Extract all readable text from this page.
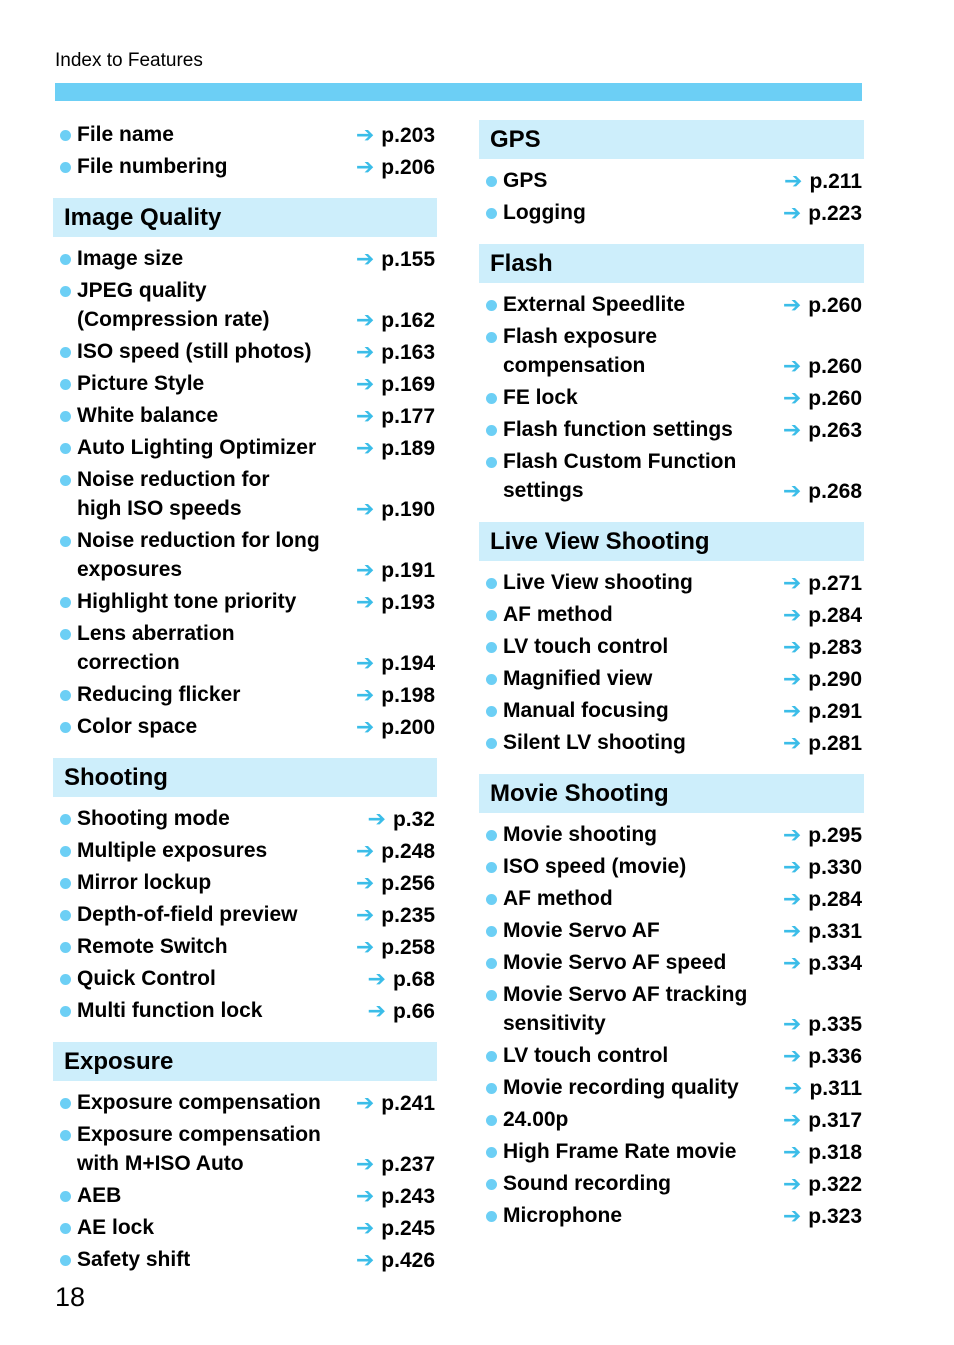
Index to Features
File name	➔ p.203
File numbering	➔ p.206
Image Quality
Image size	➔ p.155
JPEG quality
(Compression rate)	➔ p.162
ISO speed (still photos)	➔ p.163
Picture Style	➔ p.169
White balance	➔ p.177
Auto Lighting Optimizer	➔ p.189
Noise reduction for
high ISO speeds	➔ p.190
Noise reduction for long
exposures	➔ p.191
Highlight tone priority	➔ p.193
Lens aberration
correction	➔ p.194
Reducing flicker	➔ p.198
Color space	➔ p.200
Shooting
Shooting mode	➔ p.32
Multiple exposures	➔ p.248
Mirror lockup	➔ p.256
Depth-of-field preview	➔ p.235
Remote Switch	➔ p.258
Quick Control	➔ p.68
Multi function lock	➔ p.66
Exposure
Exposure compensation	➔ p.241
Exposure compensation
with M+ISO Auto	➔ p.237
AEB	➔ p.243
AE lock	➔ p.245
Safety shift	➔ p.426
GPS
GPS	➔ p.211
Logging	➔ p.223
Flash
External Speedlite	➔ p.260
Flash exposure
compensation	➔ p.260
FE lock	➔ p.260
Flash function settings	➔ p.263
Flash Custom Function
settings	➔ p.268
Live View Shooting
Live View shooting	➔ p.271
AF method	➔ p.284
LV touch control	➔ p.283
Magnified view	➔ p.290
Manual focusing	➔ p.291
Silent LV shooting	➔ p.281
Movie Shooting
Movie shooting	➔ p.295
ISO speed (movie)	➔ p.330
AF method	➔ p.284
Movie Servo AF	➔ p.331
Movie Servo AF speed	➔ p.334
Movie Servo AF tracking
sensitivity	➔ p.335
LV touch control	➔ p.336
Movie recording quality	➔ p.311
24.00p	➔ p.317
High Frame Rate movie	➔ p.318
Sound recording	➔ p.322
Microphone	➔ p.323
18
